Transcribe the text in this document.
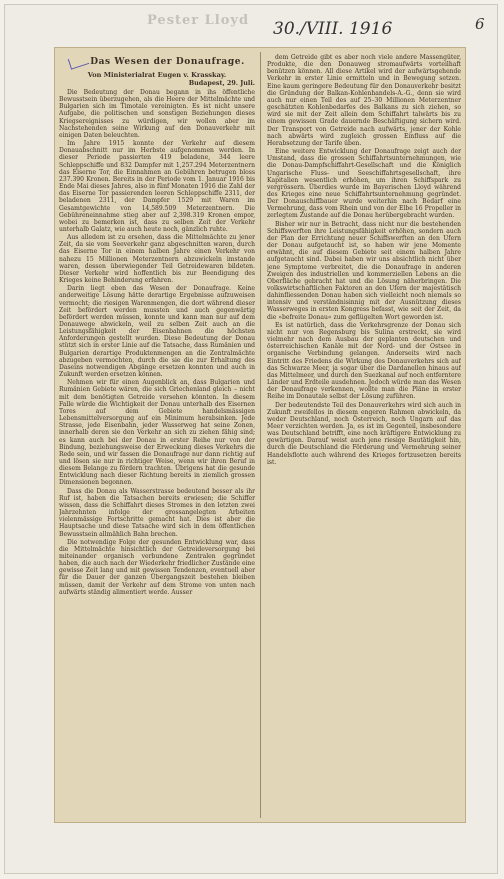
Pester Lloyd 30./VIII. 1916	6
Das Wesen der Donaufrage.
Von Ministerialrat Eugen v. Krasskay.
Budapest, 29. Juli.

Die Bedeutung der Donau begann in ihs öffentliche Bewusstsein überzugehen, als die Heere der Mittelmächte und Bulgarien sich im Timotale vereinigten. Es ist nicht unsere Aufgabe, die politischen und sonstigen Beziehungen dieses Kriegsereignisses zu würdigen, wir wollen aber im Nachstehenden seine Wirkung auf den Donauverkehr mit einigen Daten beleuchten.

Im Jahre 1915 konnte der Verkehr auf diesem Donauabschnitt nur im Herbste aufgenommen werden. In dieser Periode passierten 419 beladene, 344 leere Schleppschiffe und 832 Dampfer mit 1,257.294 Meterzentnern das Eiserne Tor, die Einnahmen an Gebühren betrugen bloss 237.390 Kronen. Bereits in der Periode vom 1. Januar 1916 bis Ende Mai dieses Jahres, also in fünf Monaten 1916 die Zahl der das Eiserne Tor passierenden leeren Schleppschiffe 2311, der beladenen 2311, der Dampfer 1529 mit Waren im Gesamtgewichte von 14,589.509 Meterzentnern. Die Gebühreneinnahme stieg aber auf 2,398.319 Kronen empor, wobei zu bemerken ist, dass zu selben Zeit der Verkehr unterhalb Galatz, wie auch heute noch, gänzlich ruhte.

Aus alledem ist zu ersehen, dass die Mittelmächte zu jener Zeit, da sie vom Seeverkehr ganz abgeschnitten waren, durch das Eiserne Tor in einem halben Jahre einen Verkehr von nahezu 15 Millionen Meterzentnern abzuwickeln imstande waren, dessen überwiegender Teil Getreidewaren bildeten. Dieser Verkehr wird hoffentlich bis zur Beendigung des Krieges keine Behinderung erfahren.

Darin liegt eben das Wesen der Donaufrage. Keine anderweitige Lösung hätte derartige Ergebnisse aufzuweisen vermocht; die riesigen Warenmengen, die dort während dieser Zeit befördert werden mussten und auch gegenwärtig befördert werden müssen, konnte und kann man nur auf dem Donauwege abwickeln, weil zu selben Zeit auch an die Leistungsfähigkeit der Eisenbahnen die höchsten Anforderungen gestellt wurden. Diese Bedeutung der Donau stützt sich in erster Linie auf die Tatsache, dass Rumänien und Bulgarien derartige Produktenmengen an die Zentralmächte abzugeben vermochten, durch die sie die zur Erhaltung des Daseins notwendigen Abgänge ersetzen konnten und auch in Zukunft werden ersetzen können.

Nehmen wir für einen Augenblick an, dass Bulgarien und Rumänien Gebiete wären, die sich Griechenland gleich – nicht mit dem benötigten Getreide versehen könnten. In diesem Falle würde die Wichtigkeit der Donau unterhalb des Eisernen Tores auf dem Gebiete handelsmässigen Lebensmittelversorgung auf ein Minimum herabsinken. Jede Strasse, jede Eisenbahn, jeder Wasserweg hat seine Zonen, innerhalb deren sie den Verkehr an sich zu ziehen fähig sind; es kann auch bei der Donau in erster Reihe nur von der Bindung, beziehungsweise der Erweckung dieses Verkehrs die Rede sein, und wir fassen die Donaufrage nur dann richtig auf und lösen sie nur in richtiger Weise, wenn wir ihren Beruf in diesem Belange zu fördern trachten. Übrigens hat die gesunde Entwicklung nach dieser Richtung bereits in ziemlich grossen Dimensionen begonnen.

Dass die Donau als Wasserstrasse bedeutend besser als ihr Ruf ist, haben die Tatsachen bereits erwiesen; die Schiffer wissen, dass die Schiffahrt dieses Stromes in den letzten zwei Jahrzehnten infolge der grossangelegten Arbeiten vielenmässige Fortschritte gemacht hat. Dies ist aber die Hauptsache und diese Tatsache wird sich in dem öffentlichen Bewusstsein allmählich Bahn brechen.

Die notwendige Folge der gesunden Entwicklung war, dass die Mittelmächte hinsichtlich der Getreideversorgung bei miteinander organisch verbundene Zentralen gegründet haben, die auch nach der Wiederkehr friedlicher Zustände eine gewisse Zeit lang und mit gewissen Tendenzen, eventuell aber für die Dauer der ganzen Übergangszeit bestehen bleiben müssen, damit der Verkehr auf dem Strome von unten nach aufwärts ständig alimentiert werde. Ausser

dem Getreide gibt es aber noch viele andere Massengüter, Produkte, die den Donauweg stromaufwärts vorteilhaft benützen können. All diese Artikel wird der aufwärtsgehende Verkehr in erster Linie ermitteln und in Bewegung setzen. Eine kaum geringere Bedeutung für den Donauverkehr besitzt die Gründung der Balkan-Kohlenhandels-A.-G., denn sie wird auch nur einen Teil des auf 25–30 Millionen Meterzentner geschätzten Kohlenbedarfes des Balkans zu sich ziehen, so wird sie mit der Zeit allein dem Schiffahrt talwärts bis zu einem gewissen Grade dauernde Beschäftigung sichern wird. Der Transport von Getreide nach aufwärts, jener der Kohle nach abwärts wird zugleich grossen Einfluss auf die Herabsetzung der Tarife üben.

Eine weitere Entwicklung der Donaufrage zeigt auch der Umstand, dass die grossen Schiffahrtsunternehmungen, wie die Donau-Dampfschiffahrt-Gesellschaft und die Königlich Ungarische Fluss- und Seeschiffahrtsgesellschaft, ihre Kapitalien wesentlich erhöhen, um ihren Schiffspark zu vergrössern. Überdies wurde im Bayerischen Lloyd während des Krieges eine neue Schiffahrtsunternehmung gegründet. Der Donauschiffbauer wurde weiterhin nach Bedarf eine Vermehrung, dass vom Rhein und von der Elbe 16 Propeller in zerlegtem Zustande auf die Donau herübergebracht wurden.

Bisher wir nur in Betracht, dass nicht nur die bestehenden Schiffswerften ihre Leistungsfähigkeit erhöhen, sondern auch der Plan der Errichtung neuer Schiffswerften an den Ufern der Donau aufgetaucht ist, so haben wir jene Momente erwähnt, die auf diesem Gebiete seit einem halben Jahre aufgetaucht sind. Dabei haben wir uns absichtlich nicht über jene Symptome verbreitet, die die Donaufrage in anderen Zweigen des industriellen und kommerziellen Lebens an die Oberfläche gebracht hat und die Lösung näherbringen. Die volkswirtschaftlichen Faktoren an den Ufern der majestätisch dahinfliessenden Donau haben sich vielleicht noch niemals so intensiv und verständnisinnig mit der Ausnützung dieses Wasserweges in ersten Kongress befasst, wie seit der Zeit, da die »befreite Donau« zum geflügelten Wort geworden ist.

Es ist natürlich, dass die Verkehrsgrenze der Donau sich nicht nur von Regensburg bis Sulina erstreckt, sie wird vielmehr nach dem Ausbau der geplanten deutschen und österreichischen Kanäle mit der Nord- und der Ostsee in organische Verbindung gelangen. Anderseits wird nach Eintritt des Friedens die Wirkung des Donauverkehrs sich auf das Schwarze Meer, ja sogar über die Dardanellen hinaus auf das Mittelmeer, und durch den Suezkanal auf noch entferntere Länder und Erdteile ausdehnen. Jedoch würde man das Wesen der Donaufrage verkennen, wollte man die Pläne in erster Reihe im Donautale selbst der Lösung zuführen.

Der bedeutendste Teil des Donauverkehrs wird sich auch in Zukunft zweifellos in diesem engeren Rahmen abwickeln, da weder Deutschland, noch Österreich, noch Ungarn auf das Meer verzichten werden. Ja, es ist im Gegenteil, insbesondere was Deutschland betrifft, eine noch kräftigere Entwicklung zu gewärtigen. Darauf weist auch jene riesige Bautätigkeit hin, durch die Deutschland die Förderung und Vermehrung seiner Handelsflotte auch während des Krieges fortzusetzen bereits ist.
